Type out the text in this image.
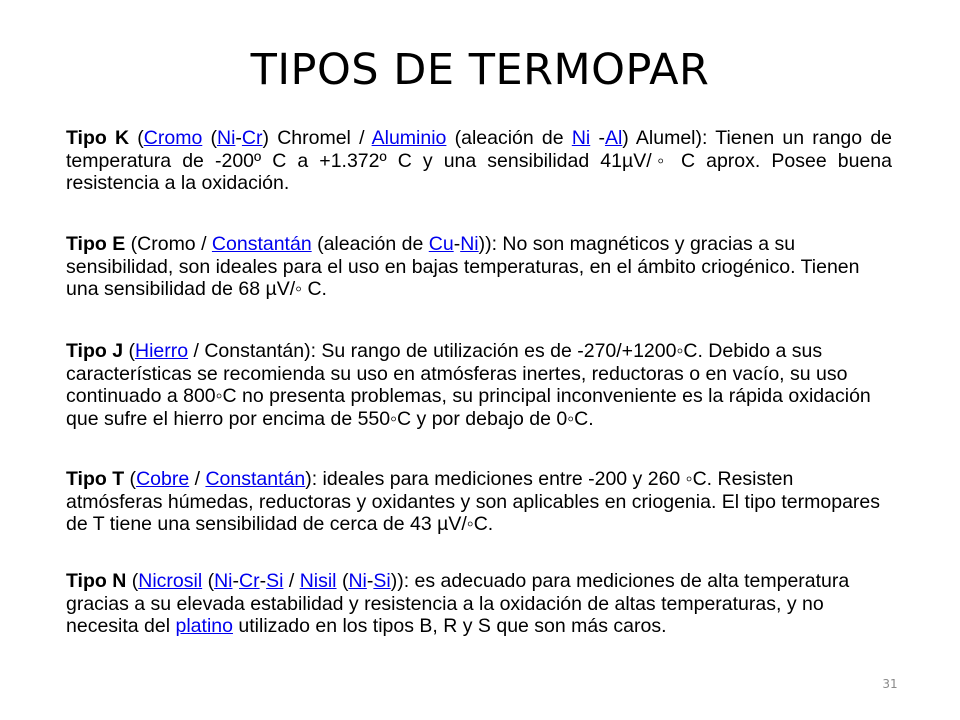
TIPOS DE TERMOPAR

Tipo K (Cromo (Ni-Cr) Chromel / Aluminio (aleación de Ni -Al) Alumel): Tienen un rango de temperatura de -200º C a +1.372º C y una sensibilidad 41µV/◦ C aprox. Posee buena resistencia a la oxidación.

Tipo E (Cromo / Constantán (aleación de Cu-Ni)): No son magnéticos y gracias a su sensibilidad, son ideales para el uso en bajas temperaturas, en el ámbito criogénico. Tienen una sensibilidad de 68 µV/◦ C.

Tipo J (Hierro / Constantán): Su rango de utilización es de -270/+1200◦C. Debido a sus características se recomienda su uso en atmósferas inertes, reductoras o en vacío, su uso continuado a 800◦C no presenta problemas, su principal inconveniente es la rápida oxidación que sufre el hierro por encima de 550◦C y por debajo de 0◦C.

Tipo T (Cobre / Constantán): ideales para mediciones entre -200 y 260 ◦C. Resisten atmósferas húmedas, reductoras y oxidantes y son aplicables en criogenia. El tipo termopares de T tiene una sensibilidad de cerca de 43 µV/◦C.

Tipo N (Nicrosil (Ni-Cr-Si / Nisil (Ni-Si)): es adecuado para mediciones de alta temperatura gracias a su elevada estabilidad y resistencia a la oxidación de altas temperaturas, y no necesita del platino utilizado en los tipos B, R y S que son más caros.

31
